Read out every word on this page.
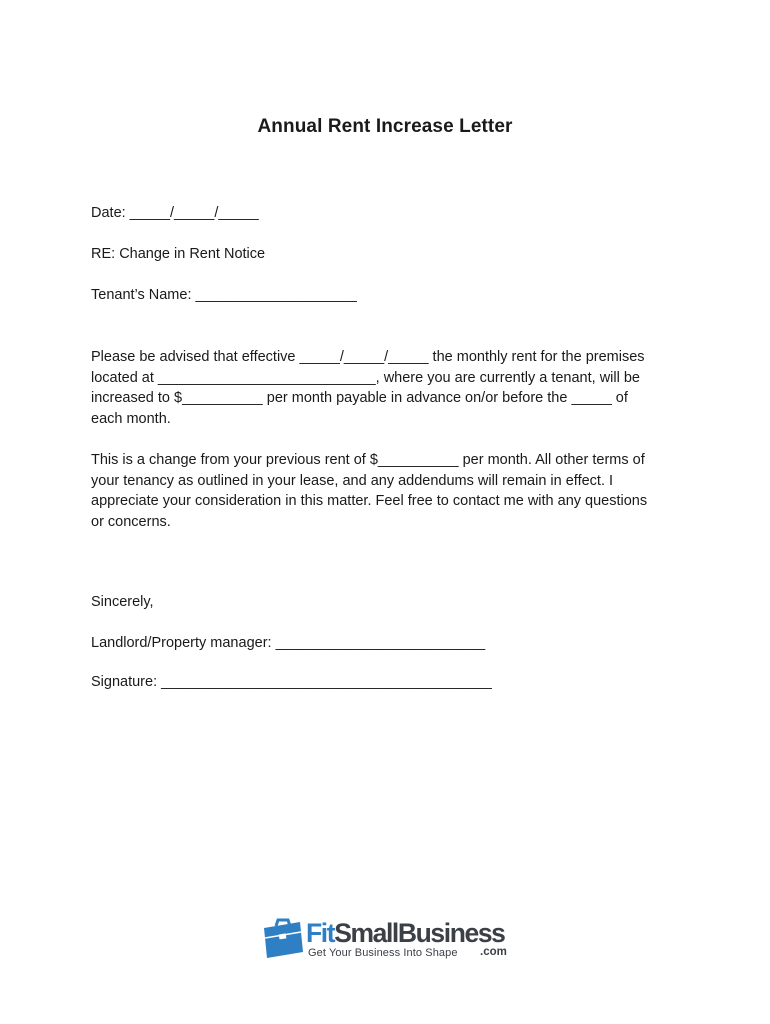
Annual Rent Increase Letter
Date: _____/_____/_____
RE: Change in Rent Notice
Tenant’s Name: ____________________
Please be advised that effective _____/_____/_____ the monthly rent for the premises
located at ___________________________, where you are currently a tenant, will be
increased to $__________ per month payable in advance on/or before the _____ of
each month.
This is a change from your previous rent of $__________ per month. All other terms of
your tenancy as outlined in your lease, and any addendums will remain in effect. I
appreciate your consideration in this matter. Feel free to contact me with any questions
or concerns.
Sincerely,
Landlord/Property manager: __________________________
Signature: _________________________________________
FitSmallBusiness
Get Your Business Into Shape .com
